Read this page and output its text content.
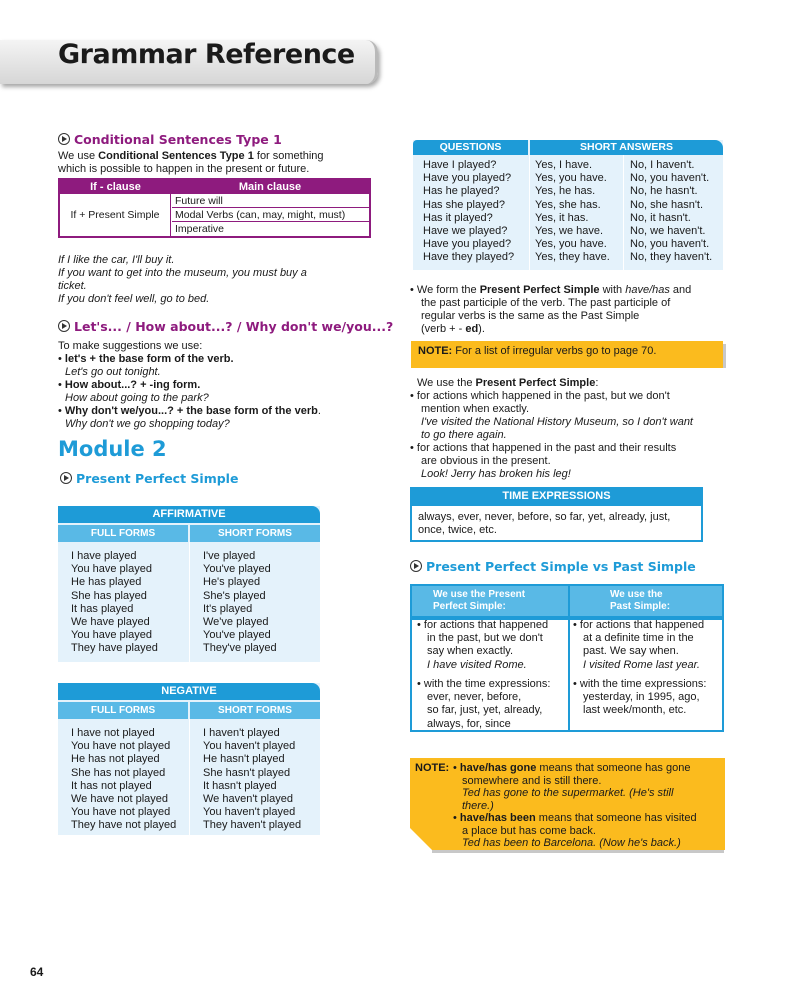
Grammar Reference
Conditional Sentences Type 1
We use Conditional Sentences Type 1 for something
which is possible to happen in the present or future.
If - clause	Main clause
If + Present Simple
Future will
Modal Verbs (can, may, might, must)
Imperative
If I like the car, I'll buy it.
If you want to get into the museum, you must buy a
ticket.
If you don't feel well, go to bed.
Let's... / How about...? / Why don't we/you...?
To make suggestions we use:
• let's + the base form of the verb.
Let's go out tonight.
• How about...? + -ing form.
How about going to the park?
• Why don't we/you...? + the base form of the verb.
Why don't we go shopping today?
Module 2
Present Perfect Simple
AFFIRMATIVE
FULL FORMS	SHORT FORMS
I have played
You have played
He has played
She has played
It has played
We have played
You have played
They have played
I've played
You've played
He's played
She's played
It's played
We've played
You've played
They've played
NEGATIVE
FULL FORMS	SHORT FORMS
I have not played
You have not played
He has not played
She has not played
It has not played
We have not played
You have not played
They have not played
I haven't played
You haven't played
He hasn't played
She hasn't played
It hasn't played
We haven't played
You haven't played
They haven't played
QUESTIONS	SHORT ANSWERS
Have I played?
Have you played?
Has he played?
Has she played?
Has it played?
Have we played?
Have you played?
Have they played?
Yes, I have.
Yes, you have.
Yes, he has.
Yes, she has.
Yes, it has.
Yes, we have.
Yes, you have.
Yes, they have.
No, I haven't.
No, you haven't.
No, he hasn't.
No, she hasn't.
No, it hasn't.
No, we haven't.
No, you haven't.
No, they haven't.
• We form the Present Perfect Simple with have/has and
the past participle of the verb. The past participle of
regular verbs is the same as the Past Simple
(verb + - ed).
NOTE: For a list of irregular verbs go to page 70.
We use the Present Perfect Simple:
• for actions which happened in the past, but we don't
mention when exactly.
I've visited the National History Museum, so I don't want
to go there again.
• for actions that happened in the past and their results
are obvious in the present.
Look! Jerry has broken his leg!
TIME EXPRESSIONS
always, ever, never, before, so far, yet, already, just,
once, twice, etc.
Present Perfect Simple vs Past Simple
We use the Present
Perfect Simple:
We use the
Past Simple:
• for actions that happened
in the past, but we don't
say when exactly.
I have visited Rome.
• with the time expressions:
ever, never, before,
so far, just, yet, already,
always, for, since
• for actions that happened
at a definite time in the
past. We say when.
I visited Rome last year.
• with the time expressions:
yesterday, in 1995, ago,
last week/month, etc.
NOTE:
• have/has gone means that someone has gone
somewhere and is still there.
Ted has gone to the supermarket. (He's still
there.)
• have/has been means that someone has visited
a place but has come back.
Ted has been to Barcelona. (Now he's back.)
64
